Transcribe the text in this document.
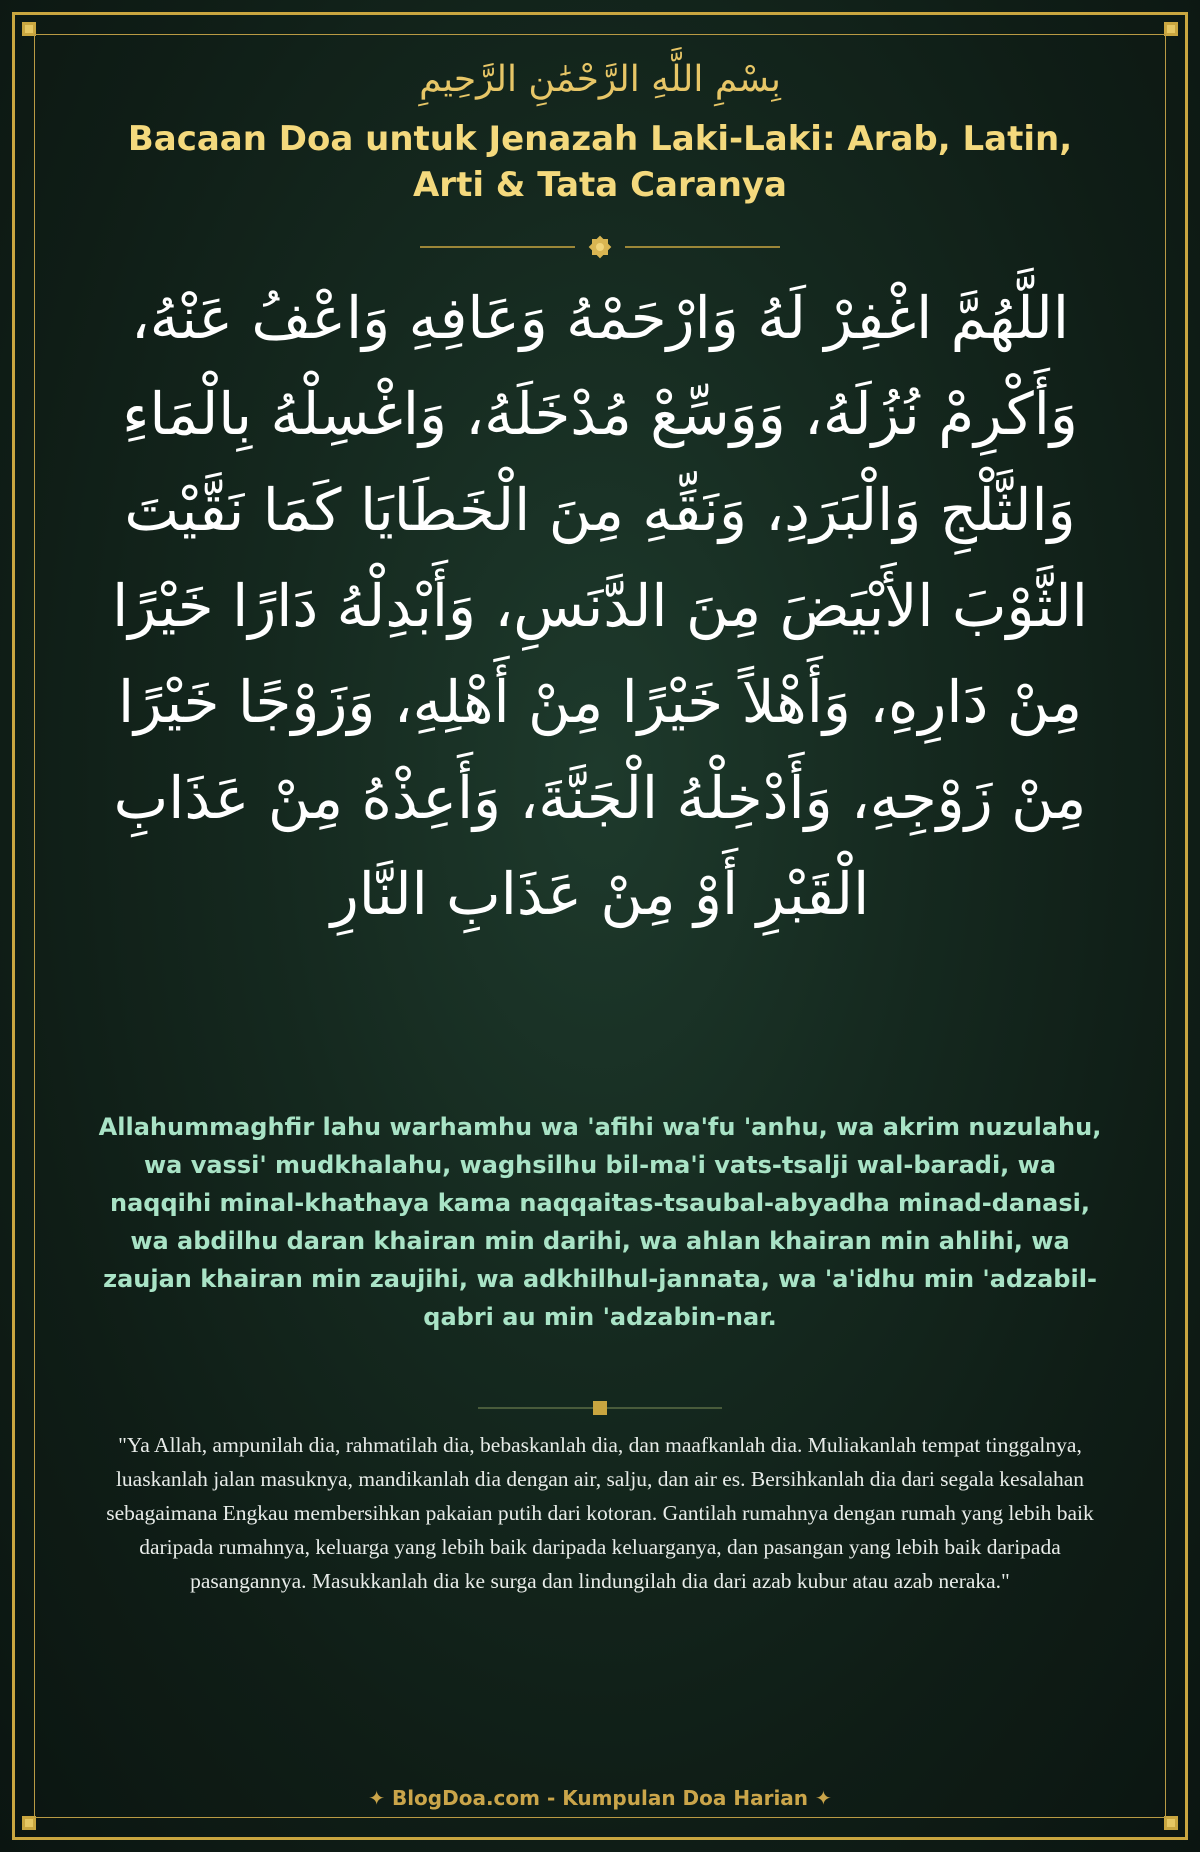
بِسْمِ اللَّهِ الرَّحْمَٰنِ الرَّحِيمِ
Bacaan Doa untuk Jenazah Laki-Laki: Arab, Latin, Arti & Tata Caranya

اللَّهُمَّ اغْفِرْ لَهُ وَارْحَمْهُ وَعَافِهِ وَاعْفُ عَنْهُ، وَأَكْرِمْ نُزُلَهُ، وَوَسِّعْ مُدْخَلَهُ، وَاغْسِلْهُ بِالْمَاءِ وَالثَّلْجِ وَالْبَرَدِ، وَنَقِّهِ مِنَ الْخَطَايَا كَمَا نَقَّيْتَ الثَّوْبَ الأَبْيَضَ مِنَ الدَّنَسِ، وَأَبْدِلْهُ دَارًا خَيْرًا مِنْ دَارِهِ، وَأَهْلاً خَيْرًا مِنْ أَهْلِهِ، وَزَوْجًا خَيْرًا مِنْ زَوْجِهِ، وَأَدْخِلْهُ الْجَنَّةَ، وَأَعِذْهُ مِنْ عَذَابِ الْقَبْرِ أَوْ مِنْ عَذَابِ النَّارِ

Allahummaghfir lahu warhamhu wa 'afihi wa'fu 'anhu, wa akrim nuzulahu, wa vassi' mudkhalahu, waghsilhu bil-ma'i vats-tsalji wal-baradi, wa naqqihi minal-khathaya kama naqqaitas-tsaubal-abyadha minad-danasi, wa abdilhu daran khairan min darihi, wa ahlan khairan min ahlihi, wa zaujan khairan min zaujihi, wa adkhilhul-jannata, wa 'a'idhu min 'adzabil-qabri au min 'adzabin-nar.

"Ya Allah, ampunilah dia, rahmatilah dia, bebaskanlah dia, dan maafkanlah dia. Muliakanlah tempat tinggalnya, luaskanlah jalan masuknya, mandikanlah dia dengan air, salju, dan air es. Bersihkanlah dia dari segala kesalahan sebagaimana Engkau membersihkan pakaian putih dari kotoran. Gantilah rumahnya dengan rumah yang lebih baik daripada rumahnya, keluarga yang lebih baik daripada keluarganya, dan pasangan yang lebih baik daripada pasangannya. Masukkanlah dia ke surga dan lindungilah dia dari azab kubur atau azab neraka."

✦ BlogDoa.com - Kumpulan Doa Harian ✦
